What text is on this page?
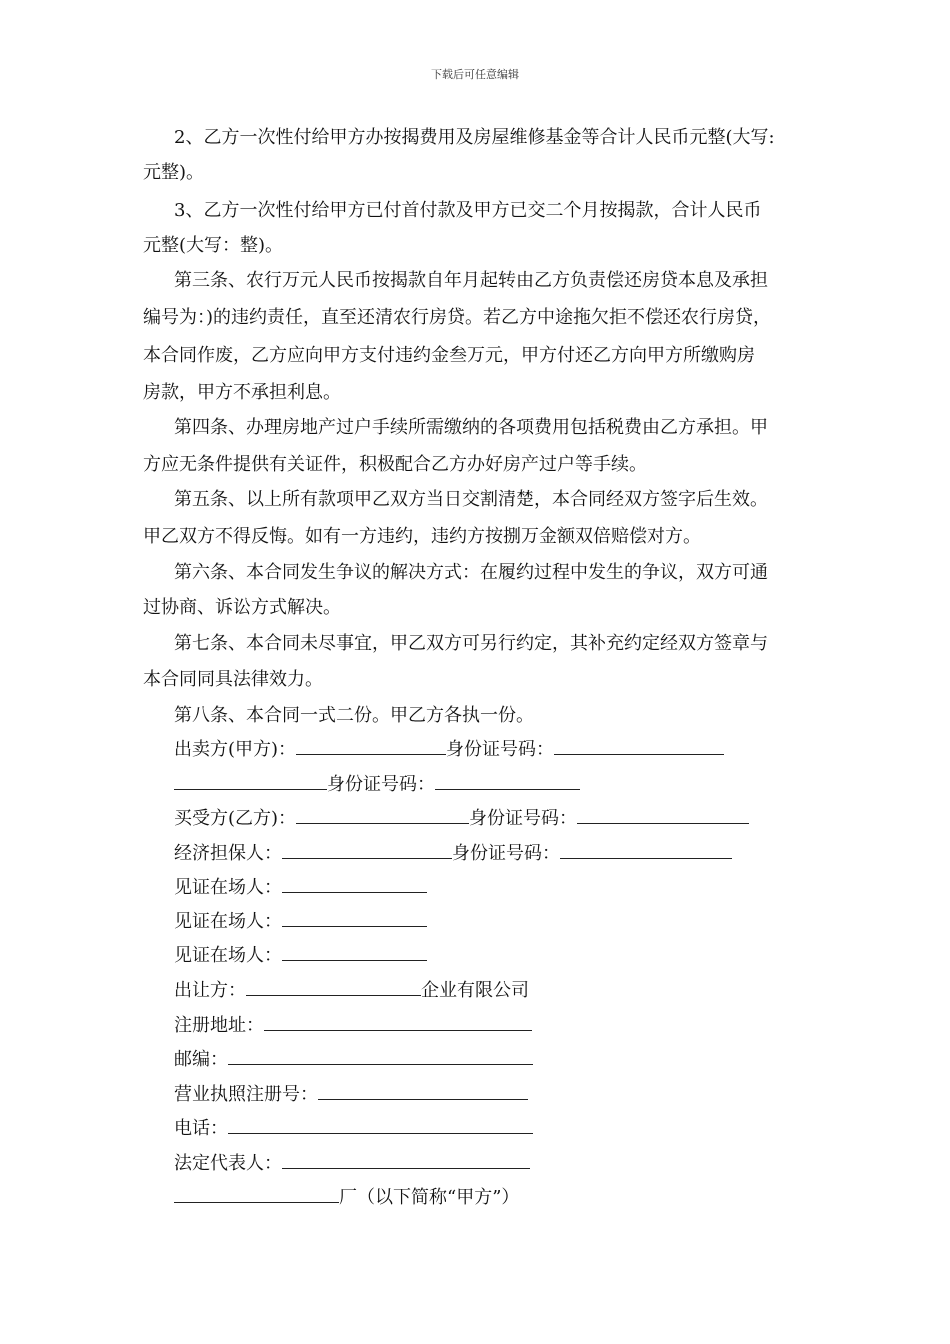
下载后可任意编辑
2、乙方一次性付给甲方办按揭费用及房屋维修基金等合计人民币元整(大写:
元整)。
3、乙方一次性付给甲方已付首付款及甲方已交二个月按揭款，合计人民币
元整(大写：整)。
第三条、农行万元人民币按揭款自年月起转由乙方负责偿还房贷本息及承担
编号为：)的违约责任，直至还清农行房贷。若乙方中途拖欠拒不偿还农行房贷，
本合同作废，乙方应向甲方支付违约金叁万元，甲方付还乙方向甲方所缴购房
房款，甲方不承担利息。
第四条、办理房地产过户手续所需缴纳的各项费用包括税费由乙方承担。甲
方应无条件提供有关证件，积极配合乙方办好房产过户等手续。
第五条、以上所有款项甲乙双方当日交割清楚，本合同经双方签字后生效。
甲乙双方不得反悔。如有一方违约，违约方按捌万金额双倍赔偿对方。
第六条、本合同发生争议的解决方式：在履约过程中发生的争议，双方可通
过协商、诉讼方式解决。
第七条、本合同未尽事宜，甲乙双方可另行约定，其补充约定经双方签章与
本合同同具法律效力。
第八条、本合同一式二份。甲乙方各执一份。
出卖方(甲方)：	身份证号码：
身份证号码：
买受方(乙方)：	身份证号码：
经济担保人：	身份证号码：
见证在场人：
见证在场人：
见证在场人：
出让方：	企业有限公司
注册地址：
邮编：
营业执照注册号：
电话：
法定代表人：
厂（以下简称“甲方”）
